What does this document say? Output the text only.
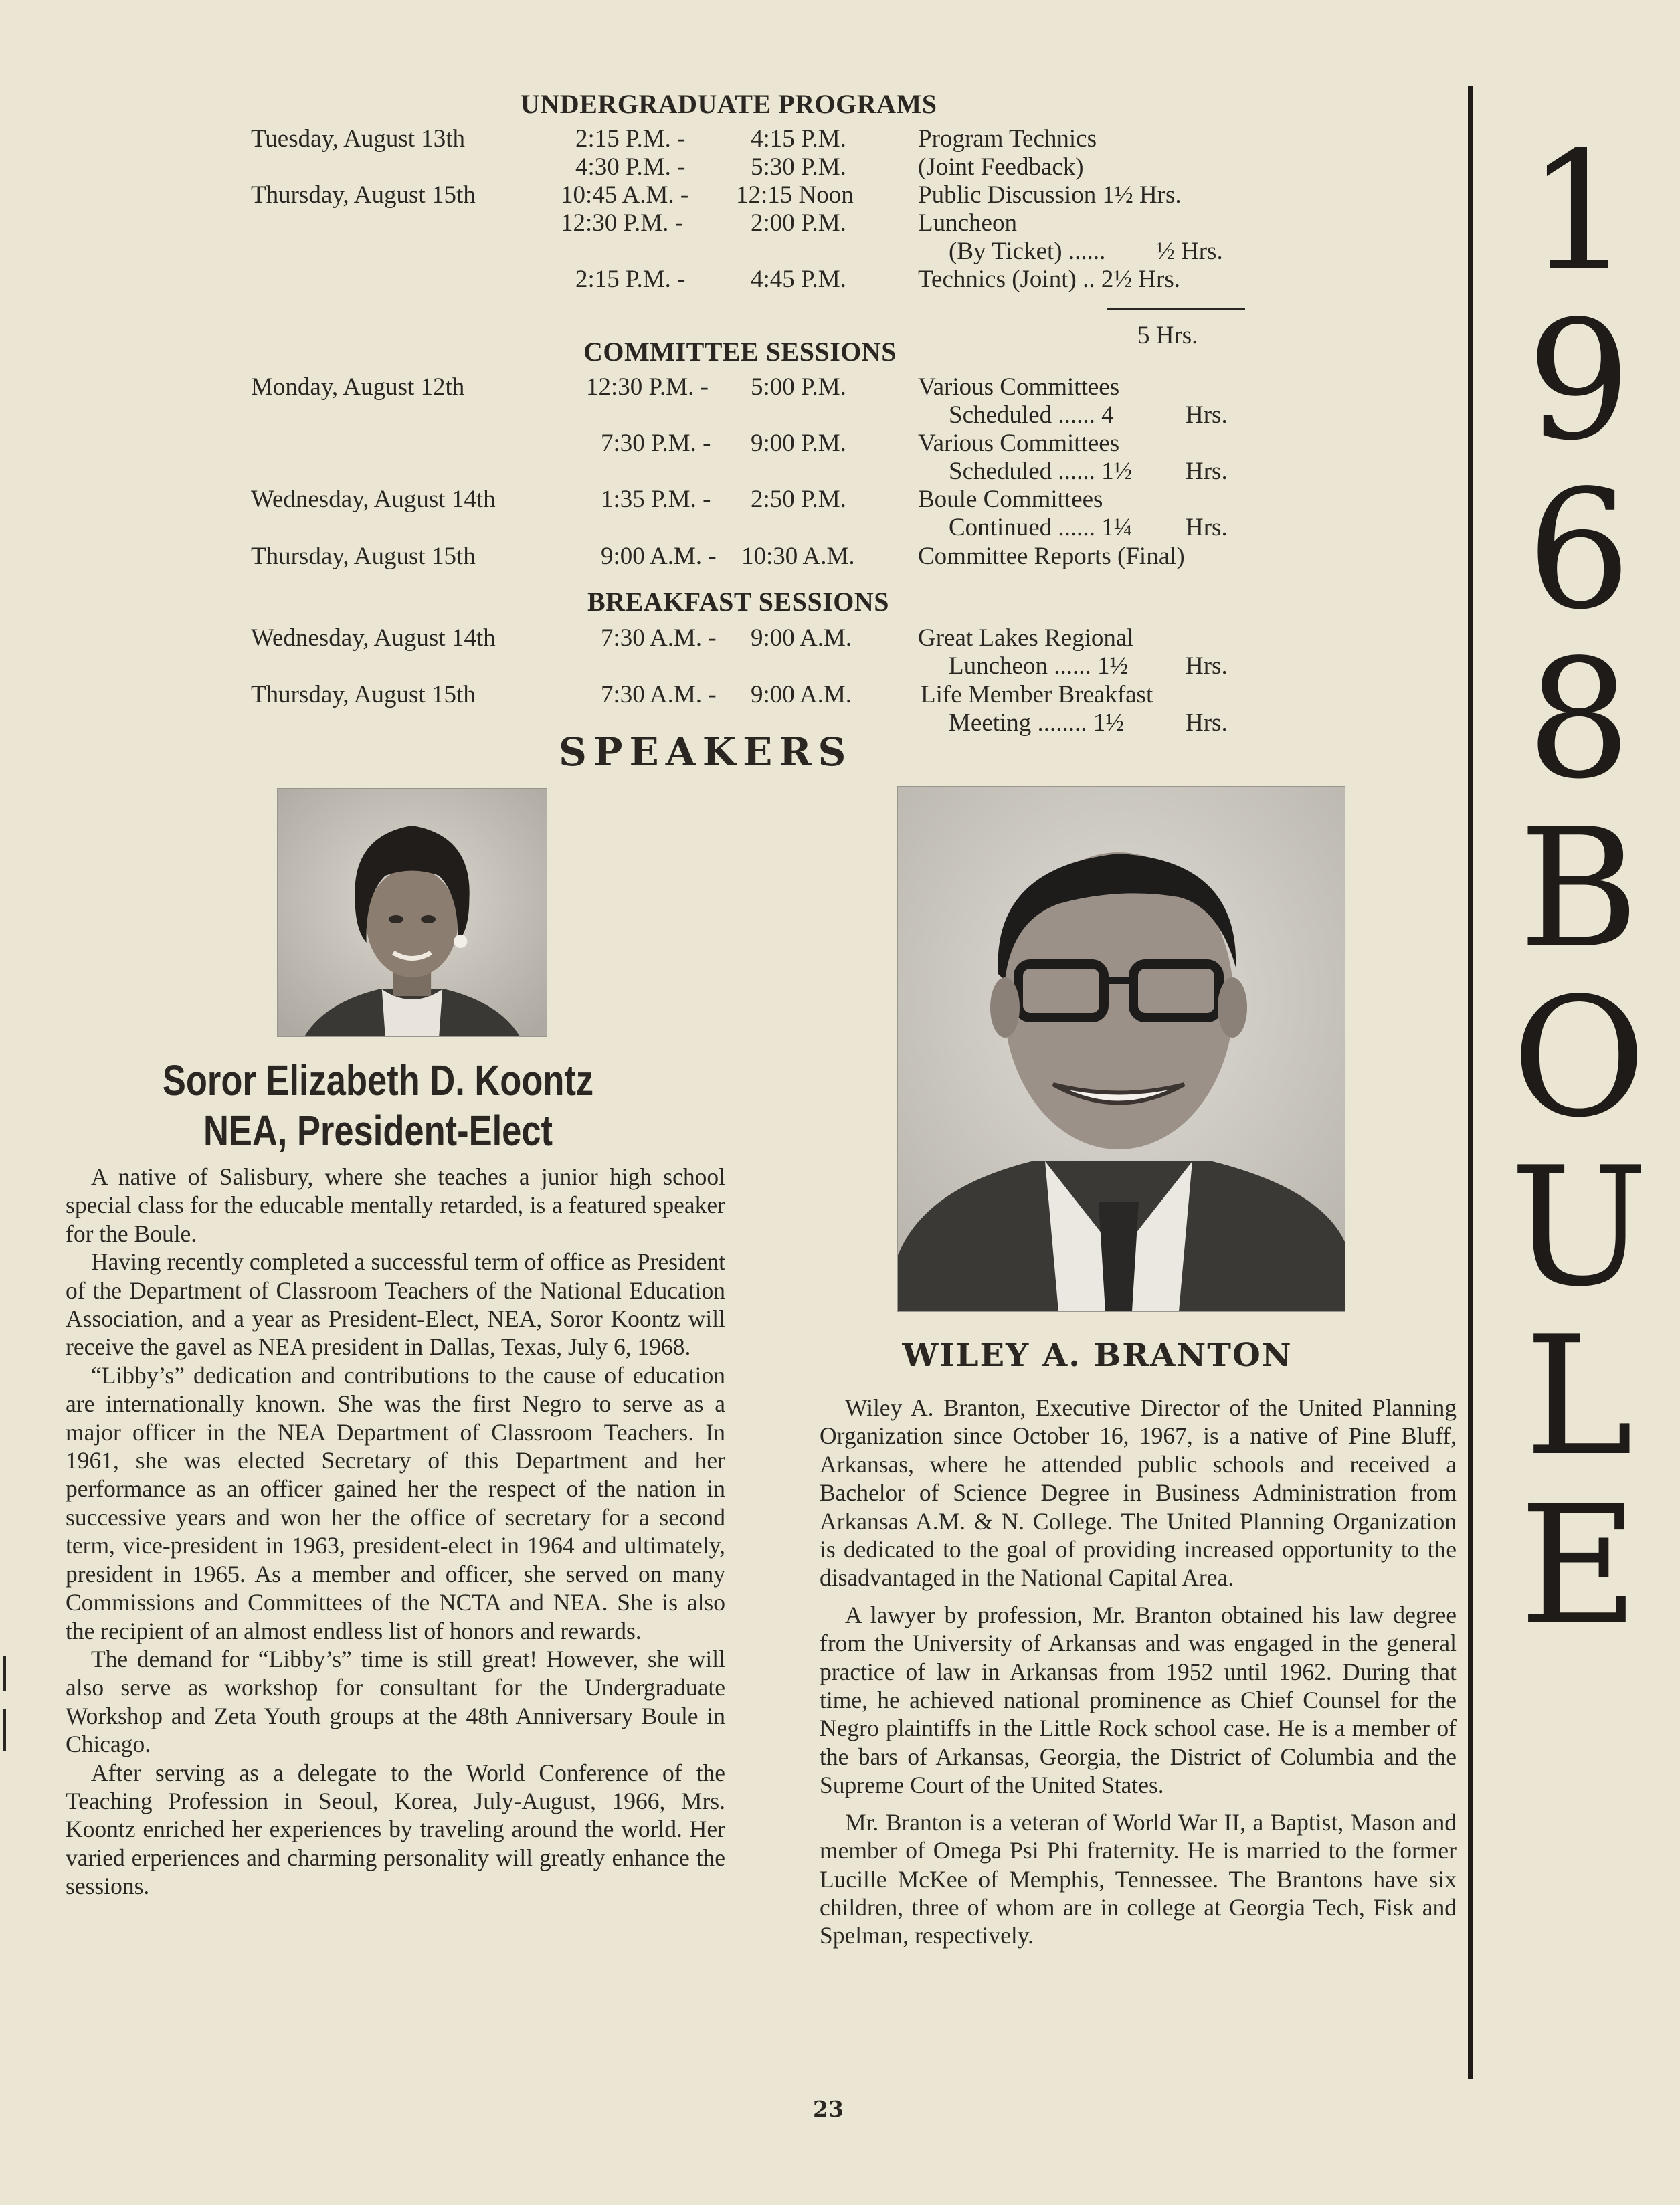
UNDERGRADUATE PROGRAMS
Tuesday, August 13th	2:15 P.M. -	4:15 P.M.	Program Technics
4:30 P.M. -	5:30 P.M.	(Joint Feedback)
Thursday, August 15th	10:45 A.M. -	12:15 Noon	Public Discussion 1½ Hrs.
12:30 P.M. -	2:00 P.M.	Luncheon
(By Ticket) ...... ½ Hrs.
2:15 P.M. -	4:45 P.M.	Technics (Joint) .. 2½ Hrs.
5 Hrs.
COMMITTEE SESSIONS
Monday, August 12th	12:30 P.M. -	5:00 P.M.	Various Committees
Scheduled ...... 4	Hrs.
7:30 P.M. -	9:00 P.M.	Various Committees
Scheduled ...... 1½ Hrs.
Wednesday, August 14th	1:35 P.M. -	2:50 P.M.	Boule Committees
Continued ...... 1¼ Hrs.
Thursday, August 15th	9:00 A.M. -	10:30 A.M.	Committee Reports (Final)
BREAKFAST SESSIONS
Wednesday, August 14th	7:30 A.M. -	9:00 A.M.	Great Lakes Regional
Luncheon ...... 1½ Hrs.
Thursday, August 15th	7:30 A.M. -	9:00 A.M.	Life Member Breakfast
Meeting ........ 1½ Hrs.
SPEAKERS
Soror Elizabeth D. Koontz
NEA, President-Elect

A native of Salisbury, where she teaches a junior high school special class for the educable mentally retarded, is a featured speaker for the Boule.

Having recently completed a successful term of office as President of the Department of Classroom Teachers of the National Education Association, and a year as President-Elect, NEA, Soror Koontz will receive the gavel as NEA president in Dallas, Texas, July 6, 1968.

“Libby’s” dedication and contributions to the cause of education are internationally known. She was the first Negro to serve as a major officer in the NEA Department of Classroom Teachers. In 1961, she was elected Secretary of this Department and her performance as an officer gained her the respect of the nation in successive years and won her the office of secretary for a second term, vice-president in 1963, president-elect in 1964 and ultimately, president in 1965. As a member and officer, she served on many Commissions and Committees of the NCTA and NEA. She is also the recipient of an almost endless list of honors and rewards.

The demand for “Libby’s” time is still great! However, she will also serve as workshop for consultant for the Undergraduate Workshop and Zeta Youth groups at the 48th Anniversary Boule in Chicago.

After serving as a delegate to the World Conference of the Teaching Profession in Seoul, Korea, July-August, 1966, Mrs. Koontz enriched her experiences by traveling around the world. Her varied erperiences and charming personality will greatly enhance the sessions.

WILEY A. BRANTON

Wiley A. Branton, Executive Director of the United Planning Organization since October 16, 1967, is a native of Pine Bluff, Arkansas, where he attended public schools and received a Bachelor of Science Degree in Business Administration from Arkansas A.M. & N. College. The United Planning Organization is dedicated to the goal of providing increased opportunity to the disadvantaged in the National Capital Area.

A lawyer by profession, Mr. Branton obtained his law degree from the University of Arkansas and was engaged in the general practice of law in Arkansas from 1952 until 1962. During that time, he achieved national prominence as Chief Counsel for the Negro plaintiffs in the Little Rock school case. He is a member of the bars of Arkansas, Georgia, the District of Columbia and the Supreme Court of the United States.

Mr. Branton is a veteran of World War II, a Baptist, Mason and member of Omega Psi Phi fraternity. He is married to the former Lucille McKee of Memphis, Tennessee. The Brantons have six children, three of whom are in college at Georgia Tech, Fisk and Spelman, respectively.

1
9
6
8
B
O
U
L
E
23
